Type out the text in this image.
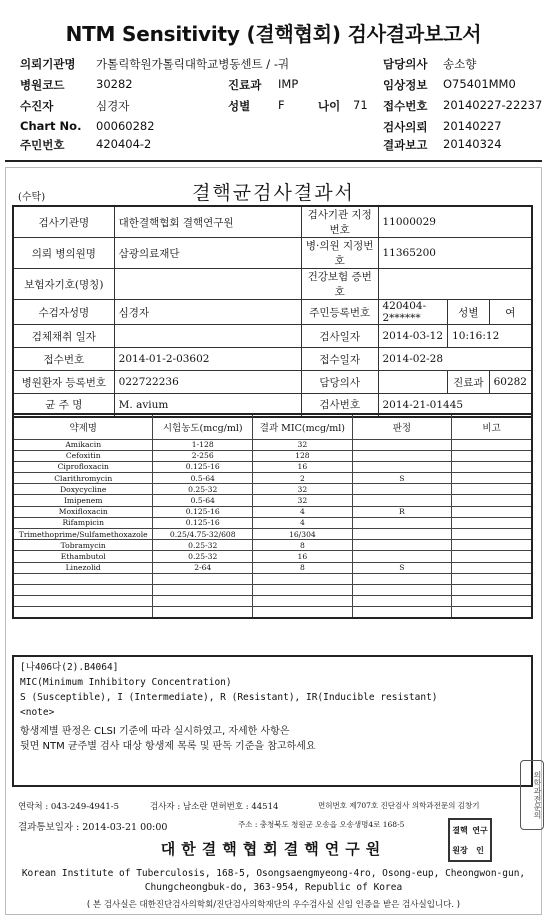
NTM Sensitivity (결핵협회) 검사결과보고서
의뢰기관명 가톨릭학원가톨릭대학교병동센트 / -궈	담당의사 송소향
병원코드	30282	진료과 IMP	임상정보 O75401MM0
수진자	심경자	성별 F	나이 71 접수번호 20140227-22237
Chart No. 00060282	검사의뢰 20140227
주민번호	420404-2	결과보고 20140324
(수탁)	결핵균검사결과서
검사기관명	대한결핵협회 결핵연구원	검사기관 지정번호	11000029		
의뢰 병의원명	삼광의료재단	병·의원 지정번호	11365200		
보험자기호(명칭)		건강보험 증번호			
수검자성명	심경자	주민등록번호	420404-2******	성별	여
검체채취 일자		검사일자	2014-03-12	10:16:12	
접수번호	2014-01-2-03602	접수일자	2014-02-28		
병원환자 등록번호	022722236	담당의사		진료과	60282
균 주 명	M. avium	검사번호	2014-21-01445		
약제명	시험농도(mcg/ml)	결과 MIC(mcg/ml)	판정	비고
Amikacin	1-128	32		
Cefoxitin	2-256	128		
Ciprofloxacin	0.125-16	16		
Clarithromycin	0.5-64	2	S	
Doxycycline	0.25-32	32		
Imipenem	0.5-64	32		
Moxifloxacin	0.125-16	4	R	
Rifampicin	0.125-16	4		
Trimethoprime/Sulfamethoxazole	0.25/4.75-32/608	16/304		
Tobramycin	0.25-32	8		
Ethambutol	0.25-32	16		
Linezolid	2-64	8	S	

[나406다(2).B4064]
MIC(Minimum Inhibitory Concentration)
S (Susceptible), I (Intermediate), R (Resistant), IR(Inducible resistant)
<note>
항생제별 판정은 CLSI 기준에 따라 실시하였고, 자세한 사항은
뒷면 NTM 균주별 검사 대상 항생제 목록 및 판독 기준을 참고하세요
연락처 : 043-249-4941-5	검사자 : 남소란 면허번호 : 44514	면허번호 제707호 진단검사 의학과전문의 김창기
결과통보일자 : 2014-03-21 00:00	주소 : 충청북도 청원군 오송읍 오송생명4로 168-5
대한결핵협회결핵연구원
Korean Institute of Tuberculosis, 168-5, Osongsaengmyeong-4ro, Osong-eup, Cheongwon-gun,
Chungcheongbuk-do, 363-954, Republic of Korea
( 본 검사실은 대한진단검사의학회/진단검사의학재단의 우수검사실 신임 인증을 받은 검사실입니다. )
결핵 연구
원장	인
의학과전문의
